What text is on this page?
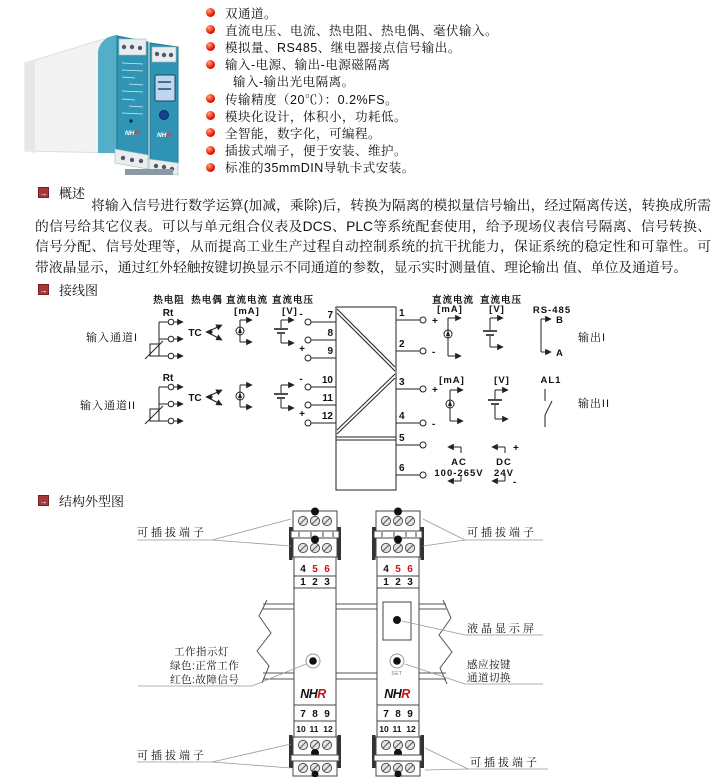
NHR	NHR
双通道。
直流电压、电流、热电阻、热电偶、毫伏输入。
模拟量、RS485、继电器接点信号输出。
输入-电源、输出-电源磁隔离
输入-输出光电隔离。
传输精度（20℃）：0.2%FS。
模块化设计，体积小，功耗低。
全智能，数字化，可编程。
插拔式端子，便于安装、维护。
标准的35mmDIN导轨卡式安装。
→ 概述

将输入信号进行数学运算(加减，乘除)后，转换为隔离的模拟量信号输出，经过隔离传送，转换成所需的信号给其它仪表。可以与单元组合仪表及DCS、PLC等系统配套使用，给予现场仪表信号隔离、信号转换、信号分配、信号处理等，从而提高工业生产过程自动控制系统的抗干扰能力，保证系统的稳定性和可靠性。可带液晶显示，通过红外轻触按键切换显示不同通道的参数，显示实时测量值、理论输出 值、单位及通道号。

→ 接线图
热电阻 热电偶 直流电流 直流电压	直流电流 直流电压
输入通道I
输入通道II
Rt
TC
[mA] [V] - 7
8
+ 9
Rt
TC
- 10
11
+ 12
1
+
2
-
3
+
4
-
5
6
[mA]	[V]	RS-485
B
A
输出I
[mA]	[V]	AL1
输出II
AC
100-265V
+
DC
24V
-
→ 结构外型图
4 5 6
1 2 3
NHR
7 8 9
10 11 12
4 5 6
1 2 3
SET
NHR
7 8 9
10 11 12
可插拔端子	可插拔端子
工作指示灯
绿色:正常工作
红色:故障信号
液晶显示屏
感应按键
通道切换
可插拔端子
可插拔端子
